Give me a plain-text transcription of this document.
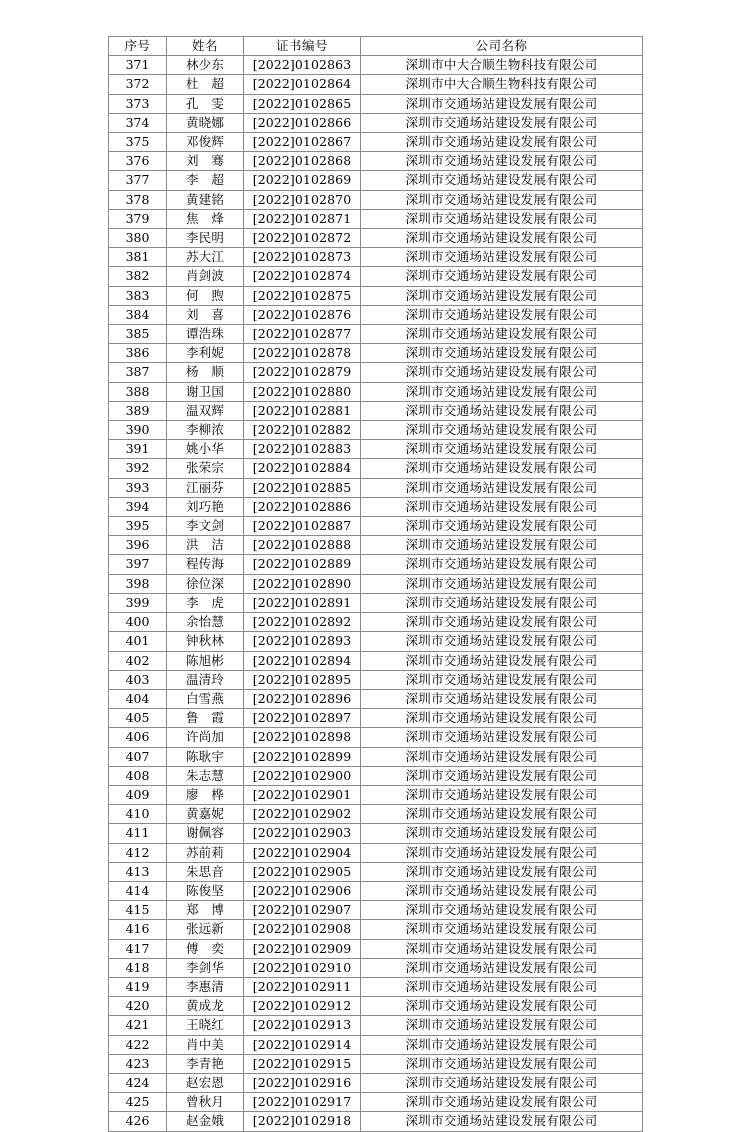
序号	姓名	证书编号	公司名称
371	林少东	[2022]0102863	深圳市中大合顺生物科技有限公司
372	杜　超	[2022]0102864	深圳市中大合顺生物科技有限公司
373	孔　雯	[2022]0102865	深圳市交通场站建设发展有限公司
374	黄晓娜	[2022]0102866	深圳市交通场站建设发展有限公司
375	邓俊辉	[2022]0102867	深圳市交通场站建设发展有限公司
376	刘　骞	[2022]0102868	深圳市交通场站建设发展有限公司
377	李　超	[2022]0102869	深圳市交通场站建设发展有限公司
378	黄建铭	[2022]0102870	深圳市交通场站建设发展有限公司
379	焦　烽	[2022]0102871	深圳市交通场站建设发展有限公司
380	李民明	[2022]0102872	深圳市交通场站建设发展有限公司
381	苏大江	[2022]0102873	深圳市交通场站建设发展有限公司
382	肖剑波	[2022]0102874	深圳市交通场站建设发展有限公司
383	何　煦	[2022]0102875	深圳市交通场站建设发展有限公司
384	刘　喜	[2022]0102876	深圳市交通场站建设发展有限公司
385	谭浩珠	[2022]0102877	深圳市交通场站建设发展有限公司
386	李利妮	[2022]0102878	深圳市交通场站建设发展有限公司
387	杨　顺	[2022]0102879	深圳市交通场站建设发展有限公司
388	谢卫国	[2022]0102880	深圳市交通场站建设发展有限公司
389	温双辉	[2022]0102881	深圳市交通场站建设发展有限公司
390	李柳浓	[2022]0102882	深圳市交通场站建设发展有限公司
391	姚小华	[2022]0102883	深圳市交通场站建设发展有限公司
392	张荣宗	[2022]0102884	深圳市交通场站建设发展有限公司
393	江丽芬	[2022]0102885	深圳市交通场站建设发展有限公司
394	刘巧艳	[2022]0102886	深圳市交通场站建设发展有限公司
395	李文剑	[2022]0102887	深圳市交通场站建设发展有限公司
396	洪　洁	[2022]0102888	深圳市交通场站建设发展有限公司
397	程传海	[2022]0102889	深圳市交通场站建设发展有限公司
398	徐位深	[2022]0102890	深圳市交通场站建设发展有限公司
399	李　虎	[2022]0102891	深圳市交通场站建设发展有限公司
400	余怡慧	[2022]0102892	深圳市交通场站建设发展有限公司
401	钟秋林	[2022]0102893	深圳市交通场站建设发展有限公司
402	陈旭彬	[2022]0102894	深圳市交通场站建设发展有限公司
403	温清玲	[2022]0102895	深圳市交通场站建设发展有限公司
404	白雪燕	[2022]0102896	深圳市交通场站建设发展有限公司
405	鲁　霞	[2022]0102897	深圳市交通场站建设发展有限公司
406	许尚加	[2022]0102898	深圳市交通场站建设发展有限公司
407	陈耿宇	[2022]0102899	深圳市交通场站建设发展有限公司
408	朱志慧	[2022]0102900	深圳市交通场站建设发展有限公司
409	廖　桦	[2022]0102901	深圳市交通场站建设发展有限公司
410	黄嘉妮	[2022]0102902	深圳市交通场站建设发展有限公司
411	谢佩容	[2022]0102903	深圳市交通场站建设发展有限公司
412	苏前莉	[2022]0102904	深圳市交通场站建设发展有限公司
413	朱思音	[2022]0102905	深圳市交通场站建设发展有限公司
414	陈俊坚	[2022]0102906	深圳市交通场站建设发展有限公司
415	郑　博	[2022]0102907	深圳市交通场站建设发展有限公司
416	张远新	[2022]0102908	深圳市交通场站建设发展有限公司
417	傅　奕	[2022]0102909	深圳市交通场站建设发展有限公司
418	李剑华	[2022]0102910	深圳市交通场站建设发展有限公司
419	李惠清	[2022]0102911	深圳市交通场站建设发展有限公司
420	黄成龙	[2022]0102912	深圳市交通场站建设发展有限公司
421	王晓红	[2022]0102913	深圳市交通场站建设发展有限公司
422	肖中美	[2022]0102914	深圳市交通场站建设发展有限公司
423	李青艳	[2022]0102915	深圳市交通场站建设发展有限公司
424	赵宏恩	[2022]0102916	深圳市交通场站建设发展有限公司
425	曾秋月	[2022]0102917	深圳市交通场站建设发展有限公司
426	赵金娥	[2022]0102918	深圳市交通场站建设发展有限公司
